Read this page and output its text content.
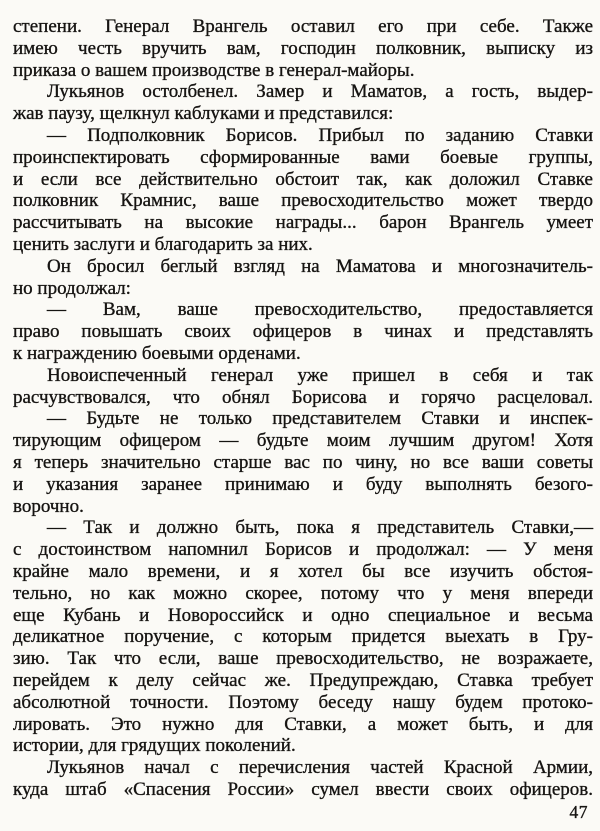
степени. Генерал Врангель оставил его при себе. Также
имею честь вручить вам, господин полковник, выписку из
приказа о вашем производстве в генерал-майоры.
Лукьянов остолбенел. Замер и Маматов, а гость, выдер-
жав паузу, щелкнул каблуками и представился:
— Подполковник Борисов. Прибыл по заданию Ставки
проинспектировать сформированные вами боевые группы,
и если все действительно обстоит так, как доложил Ставке
полковник Крамнис, ваше превосходительство может твердо
рассчитывать на высокие награды... барон Врангель умеет
ценить заслуги и благодарить за них.
Он бросил беглый взгляд на Маматова и многозначитель-
но продолжал:
— Вам, ваше превосходительство, предоставляется
право повышать своих офицеров в чинах и представлять
к награждению боевыми орденами.
Новоиспеченный генерал уже пришел в себя и так
расчувствовался, что обнял Борисова и горячо расцеловал.
— Будьте не только представителем Ставки и инспек-
тирующим офицером — будьте моим лучшим другом! Хотя
я теперь значительно старше вас по чину, но все ваши советы
и указания заранее принимаю и буду выполнять безого-
ворочно.
— Так и должно быть, пока я представитель Ставки,—
с достоинством напомнил Борисов и продолжал: — У меня
крайне мало времени, и я хотел бы все изучить обстоя-
тельно, но как можно скорее, потому что у меня впереди
еще Кубань и Новороссийск и одно специальное и весьма
деликатное поручение, с которым придется выехать в Гру-
зию. Так что если, ваше превосходительство, не возражаете,
перейдем к делу сейчас же. Предупреждаю, Ставка требует
абсолютной точности. Поэтому беседу нашу будем протоко-
лировать. Это нужно для Ставки, а может быть, и для
истории, для грядущих поколений.
Лукьянов начал с перечисления частей Красной Армии,
куда штаб «Спасения России» сумел ввести своих офицеров.
47
